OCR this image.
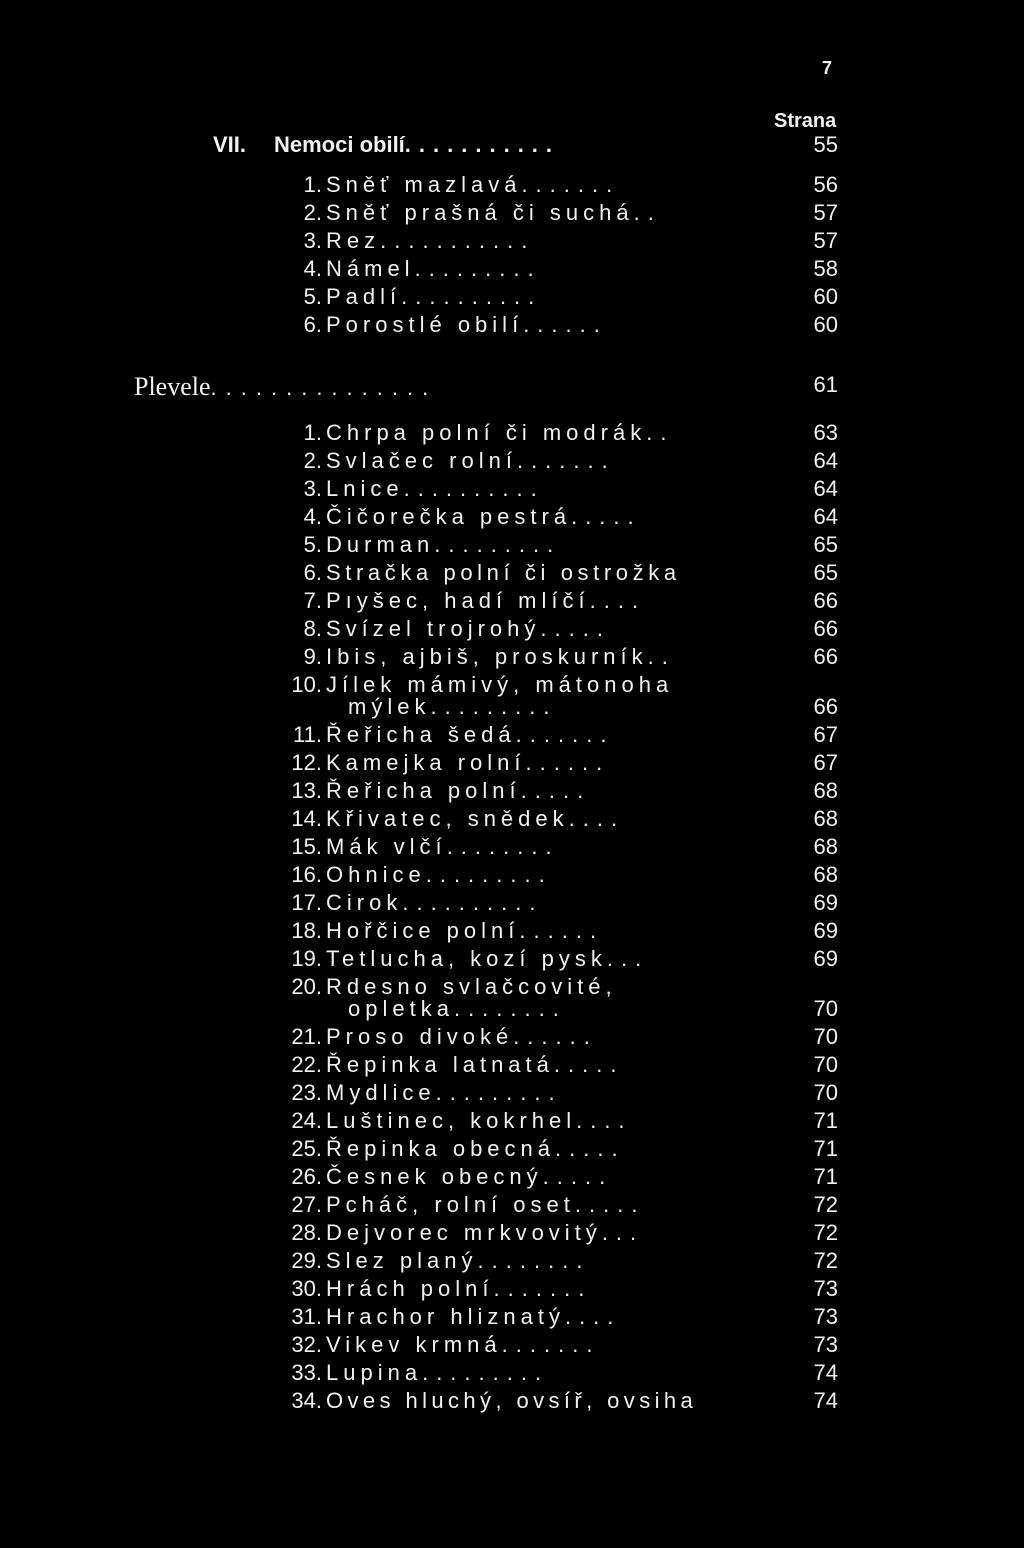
7
Strana
VII. Nemoci obilí...........	55
1. Sněť mazlavá.......	56
2. Sněť prašná či suchá..	57
3. Rez...........	57
4. Námel.........	58
5. Padlí..........	60
6. Porostlé obilí......	60
Plevele...............	61
1. Chrpa polní či modrák..	63
2. Svlačec rolní.......	64
3. Lnice..........	64
4. Čičorečka pestrá.....	64
5. Durman.........	65
6. Stračka polní či ostrožka	65
7. Pıyšec, hadí mlíčí....	66
8. Svízel trojrohý.....	66
9. Ibis, ajbiš, proskurník..	66
10. Jílek mámivý, mátonoha
mýlek.........	66
11. Řeřicha šedá.......	67
12. Kamejka rolní......	67
13. Řeřicha polní.....	68
14. Křivatec, snědek....	68
15. Mák vlčí........	68
16. Ohnice.........	68
17. Cirok..........	69
18. Hořčice polní......	69
19. Tetlucha, kozí pysk...	69
20. Rdesno svlačcovité,
opletka........	70
21. Proso divoké......	70
22. Řepinka latnatá.....	70
23. Mydlice.........	70
24. Luštinec, kokrhel....	71
25. Řepinka obecná.....	71
26. Česnek obecný.....	71
27. Pcháč, rolní oset.....	72
28. Dejvorec mrkvovitý...	72
29. Slez planý........	72
30. Hrách polní.......	73
31. Hrachor hliznatý....	73
32. Vikev krmná.......	73
33. Lupina.........	74
34. Oves hluchý, ovsíř, ovsiha	74
